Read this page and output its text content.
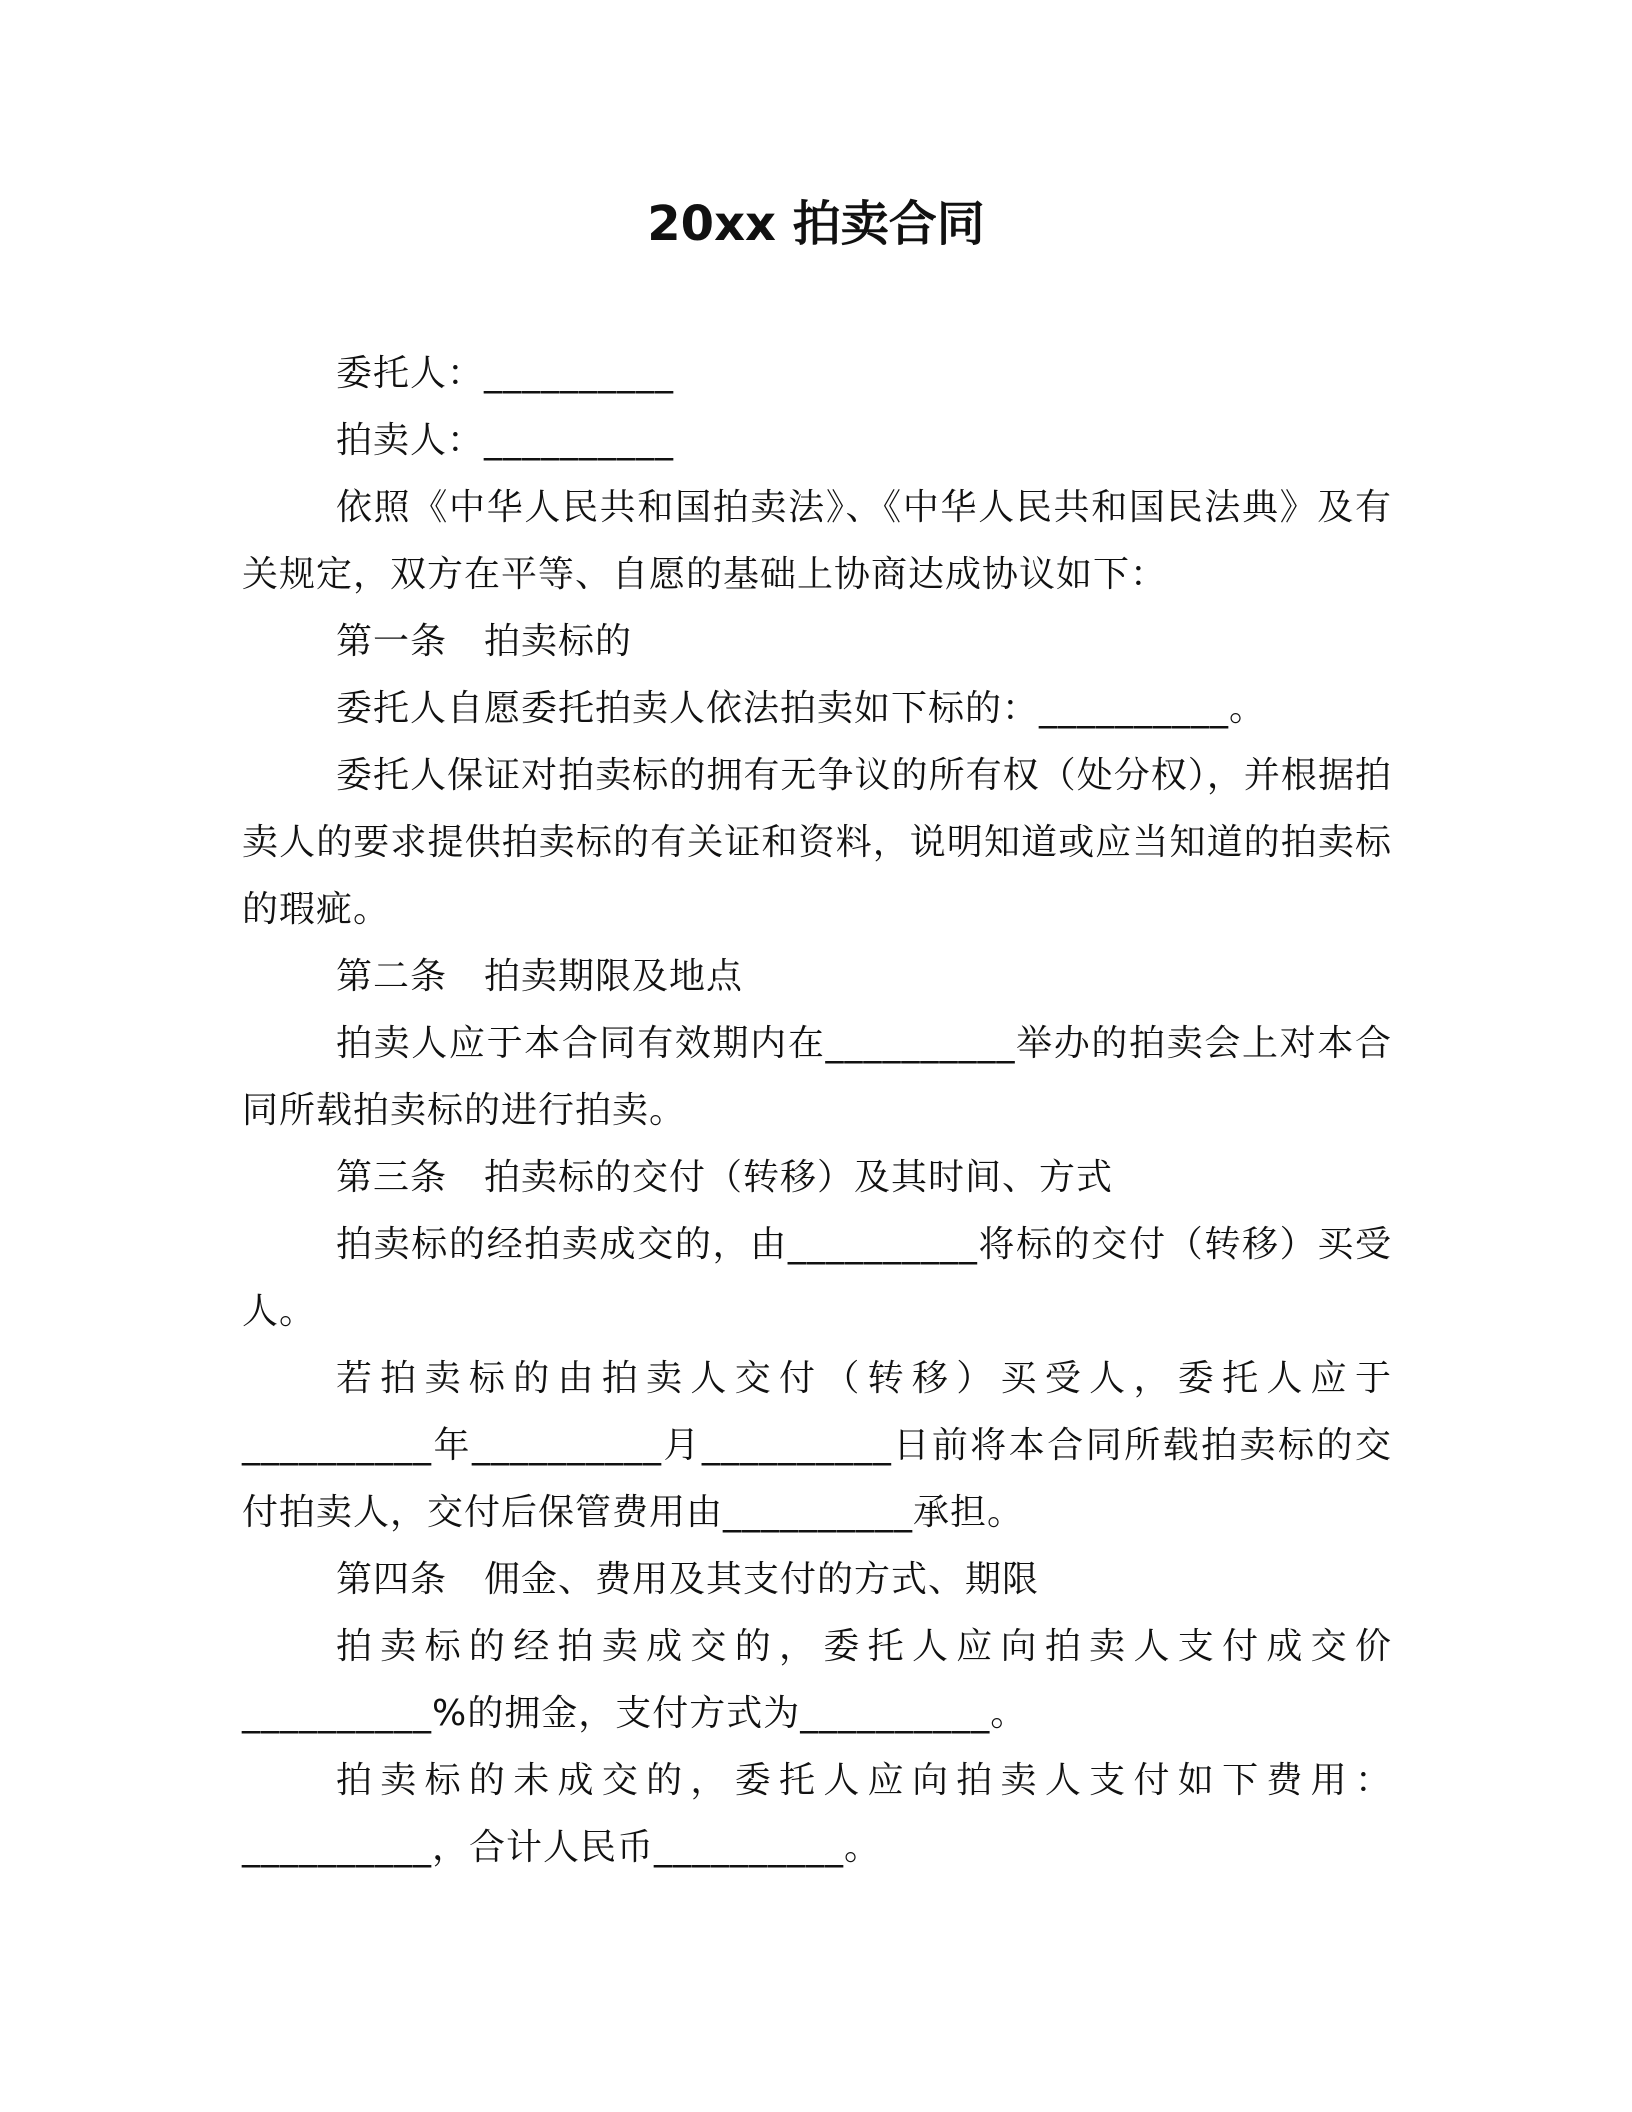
20xx 拍卖合同

委托人：__________

拍卖人：__________

依照《中华人民共和国拍卖法》、《中华人民共和国民法典》及有关规定，双方在平等、自愿的基础上协商达成协议如下：

第一条　拍卖标的

委托人自愿委托拍卖人依法拍卖如下标的：__________。

委托人保证对拍卖标的拥有无争议的所有权（处分权），并根据拍卖人的要求提供拍卖标的有关证和资料，说明知道或应当知道的拍卖标的瑕疵。

第二条　拍卖期限及地点

拍卖人应于本合同有效期内在__________举办的拍卖会上对本合同所载拍卖标的进行拍卖。

第三条　拍卖标的交付（转移）及其时间、方式

拍卖标的经拍卖成交的，由__________将标的交付（转移）买受人。

若拍卖标的由拍卖人交付（转移）买受人，委托人应于__________年__________月__________日前将本合同所载拍卖标的交付拍卖人，交付后保管费用由__________承担。

第四条　佣金、费用及其支付的方式、期限

拍卖标的经拍卖成交的，委托人应向拍卖人支付成交价__________%的拥金，支付方式为__________。

拍卖标的未成交的，委托人应向拍卖人支付如下费用：__________，合计人民币__________。
